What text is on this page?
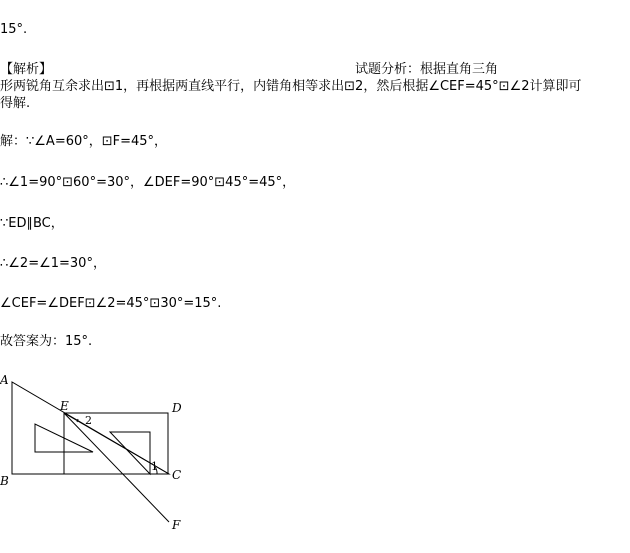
15°.
【解析】	试题分析：根据直角三角
形两锐角互余求出⊡1，再根据两直线平行，内错角相等求出⊡2，然后根据∠CEF=45°⊡∠2计算即可
得解.
解：∵∠A=60°，⊡F=45°，
∴∠1=90°⊡60°=30°，∠DEF=90°⊡45°=45°，
∵ED∥BC，
∴∠2=∠1=30°，
∠CEF=∠DEF⊡∠2=45°⊡30°=15°.
故答案为：15°.
A
B	C
D
E
F
2
1
